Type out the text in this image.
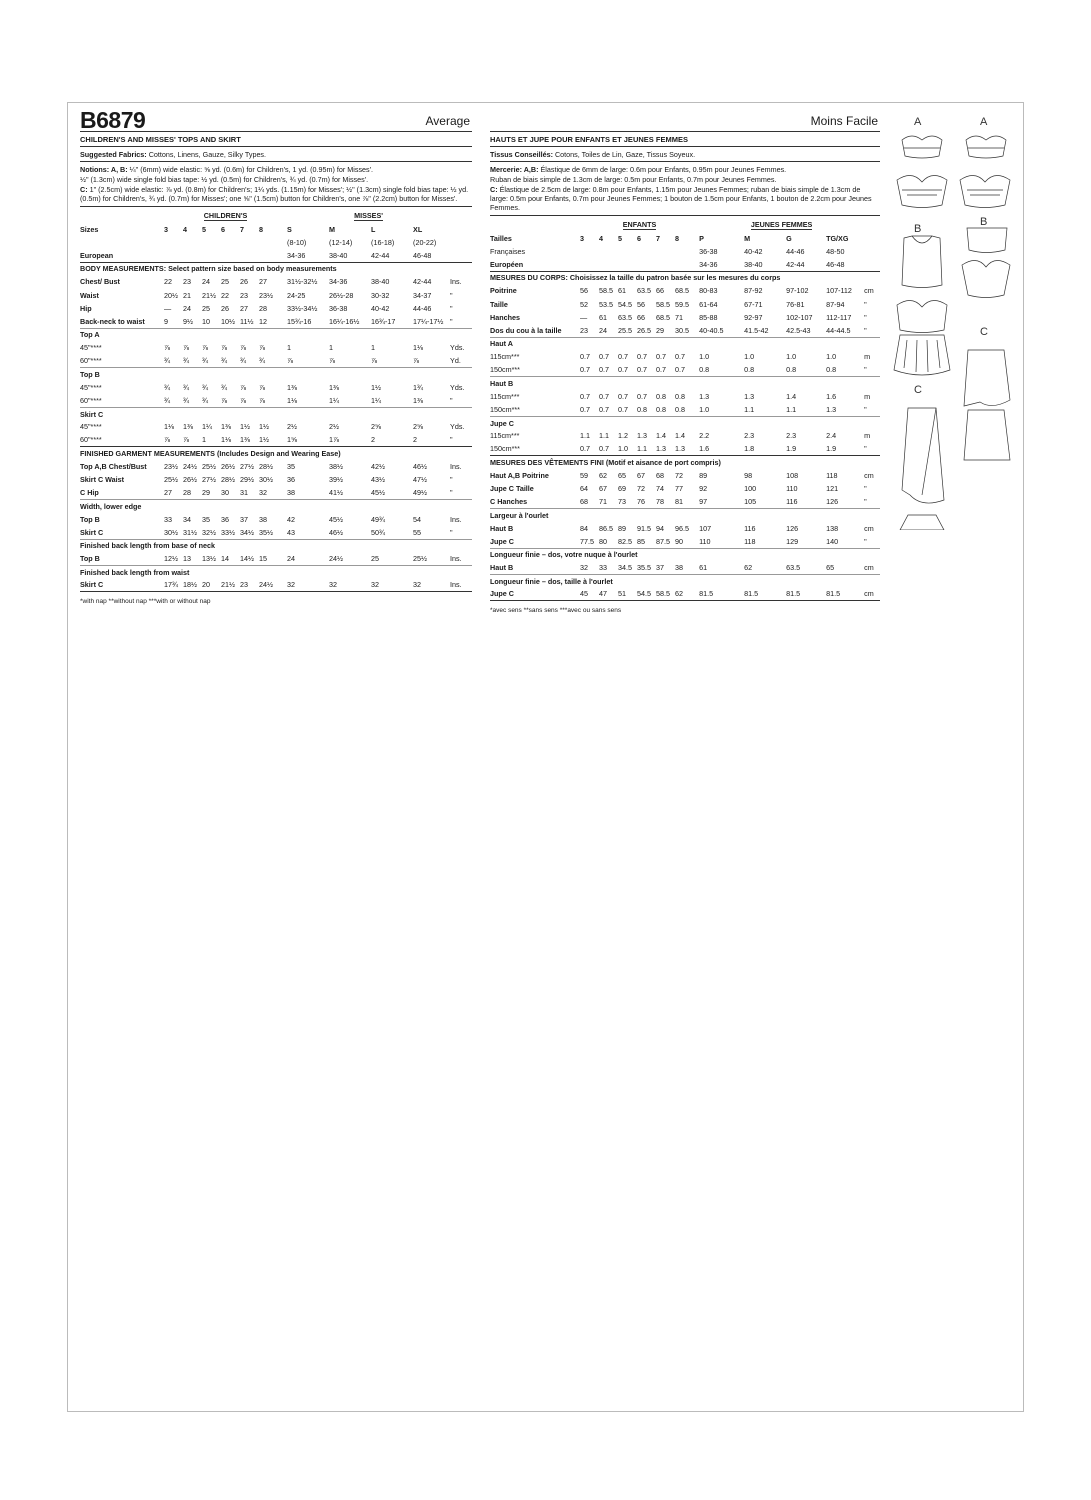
B6879	Average
CHILDREN'S AND MISSES' TOPS AND SKIRT
Suggested Fabrics: Cottons, Linens, Gauze, Silky Types.

Notions: A, B: ¼" (6mm) wide elastic: ⅝ yd. (0.6m) for Children's, 1 yd. (0.95m) for Misses'.

½" (1.3cm) wide single fold bias tape: ½ yd. (0.5m) for Children's, ¾ yd. (0.7m) for Misses'.

C: 1" (2.5cm) wide elastic: ⅞ yd. (0.8m) for Children's; 1¼ yds. (1.15m) for Misses'; ½" (1.3cm) single fold bias tape: ½ yd. (0.5m) for Children's, ¾ yd. (0.7m) for Misses'; one ⅝" (1.5cm) button for Children's, one ⅞" (2.2cm) button for Misses'.

	CHILDREN'S						MISSES'				
Sizes	3	4	5	6	7	8	S	M	L	XL	
							(8-10)	(12-14)	(16-18)	(20-22)	
European							34-36	38-40	42-44	46-48	
BODY MEASUREMENTS: Select pattern size based on body measurements											
Chest/ Bust	22	23	24	25	26	27	31½-32½	34-36	38-40	42-44	Ins.
Waist	20½	21	21½	22	23	23½	24-25	26½-28	30-32	34-37	"
Hip	—	24	25	26	27	28	33½-34½	36-38	40-42	44-46	"
Back-neck to waist	9	9½	10	10½	11½	12	15¾-16	16¼-16½	16¾-17	17¼-17½	"
Top A											
45"****	⅞	⅞	⅞	⅞	⅞	⅞	1	1	1	1⅛	Yds.
60"****	¾	¾	¾	¾	¾	¾	⅞	⅞	⅞	⅞	Yd.
Top B											
45"****	¾	¾	¾	¾	⅞	⅞	1⅜	1⅜	1½	1¾	Yds.
60"****	¾	¾	¾	⅞	⅞	⅞	1⅛	1¼	1¼	1⅜	"
Skirt C											
45"****	1⅛	1⅜	1¼	1⅜	1½	1½	2½	2½	2⅝	2⅝	Yds.
60"****	⅞	⅞	1	1⅛	1⅜	1½	1⅝	1⅞	2	2	"
FINISHED GARMENT MEASUREMENTS (Includes Design and Wearing Ease)											
Top A,B Chest/Bust	23½	24½	25½	26½	27½	28½	35	38½	42½	46½	Ins.
Skirt C Waist	25½	26½	27½	28½	29½	30½	36	39½	43½	47½	"
C Hip	27	28	29	30	31	32	38	41½	45½	49½	"
Width, lower edge											
Top B	33	34	35	36	37	38	42	45½	49¾	54	Ins.
Skirt C	30½	31½	32½	33½	34½	35½	43	46½	50¾	55	"
Finished back length from base of neck											
Top B	12½	13	13½	14	14½	15	24	24½	25	25½	Ins.
Finished back length from waist											
Skirt C	17¾	18½	20	21½	23	24½	32	32	32	32	Ins.
*with nap **without nap ***with or without nap
Moins Facile
HAUTS ET JUPE POUR ENFANTS ET JEUNES FEMMES
Tissus Conseillés: Cotons, Toiles de Lin, Gaze, Tissus Soyeux.

Mercerie: A,B: Élastique de 6mm de large: 0.6m pour Enfants, 0.95m pour Jeunes Femmes.

Ruban de biais simple de 1.3cm de large: 0.5m pour Enfants, 0.7m pour Jeunes Femmes.

C: Élastique de 2.5cm de large: 0.8m pour Enfants, 1.15m pour Jeunes Femmes; ruban de biais simple de 1.3cm de large: 0.5m pour Enfants, 0.7m pour Jeunes Femmes; 1 bouton de 1.5cm pour Enfants, 1 bouton de 2.2cm pour Jeunes Femmes.

	ENFANTS						JEUNES FEMMES				
Tailles	3	4	5	6	7	8	P	M	G	TG/XG	
Françaises							36-38	40-42	44-46	48-50	
Européen							34-36	38-40	42-44	46-48	
MESURES DU CORPS: Choisissez la taille du patron basée sur les mesures du corps											
Poitrine	56	58.5	61	63.5	66	68.5	80-83	87-92	97-102	107-112	cm
Taille	52	53.5	54.5	56	58.5	59.5	61-64	67-71	76-81	87-94	"
Hanches	—	61	63.5	66	68.5	71	85-88	92-97	102-107	112-117	"
Dos du cou à la taille	23	24	25.5	26.5	29	30.5	40-40.5	41.5-42	42.5-43	44-44.5	"
Haut A											
115cm***	0.7	0.7	0.7	0.7	0.7	0.7	1.0	1.0	1.0	1.0	m
150cm***	0.7	0.7	0.7	0.7	0.7	0.7	0.8	0.8	0.8	0.8	"
Haut B											
115cm***	0.7	0.7	0.7	0.7	0.8	0.8	1.3	1.3	1.4	1.6	m
150cm***	0.7	0.7	0.7	0.8	0.8	0.8	1.0	1.1	1.1	1.3	"
Jupe C											
115cm***	1.1	1.1	1.2	1.3	1.4	1.4	2.2	2.3	2.3	2.4	m
150cm***	0.7	0.7	1.0	1.1	1.3	1.3	1.6	1.8	1.9	1.9	"
MESURES DES VÊTEMENTS FINI (Motif et aisance de port compris)											
Haut A,B Poitrine	59	62	65	67	68	72	89	98	108	118	cm
Jupe C Taille	64	67	69	72	74	77	92	100	110	121	"
C Hanches	68	71	73	76	78	81	97	105	116	126	"
Largeur à l'ourlet											
Haut B	84	86.5	89	91.5	94	96.5	107	116	126	138	cm
Jupe C	77.5	80	82.5	85	87.5	90	110	118	129	140	"
Longueur finie – dos, votre nuque à l'ourlet											
Haut B	32	33	34.5	35.5	37	38	61	62	63.5	65	cm
Longueur finie – dos, taille à l'ourlet											
Jupe C	45	47	51	54.5	58.5	62	81.5	81.5	81.5	81.5	cm
*avec sens **sans sens ***avec ou sans sens
A	A
B
B
C
C
